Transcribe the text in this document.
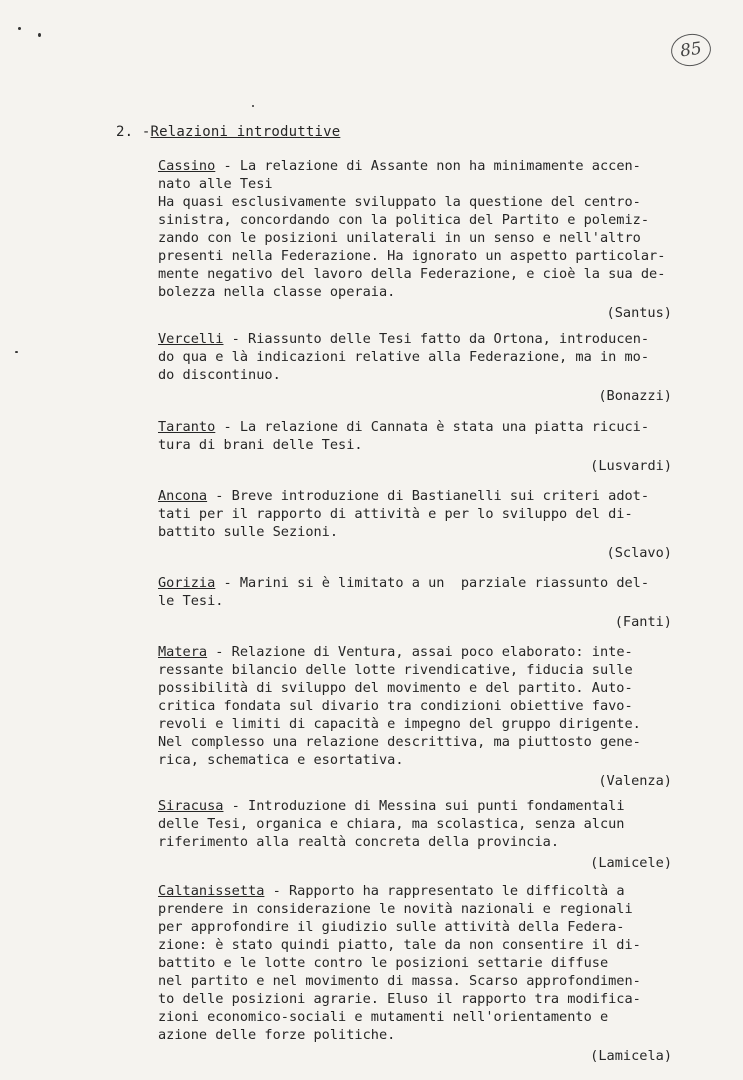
85
2. -Relazioni introduttive
Cassino - La relazione di Assante non ha minimamente accen-
nato alle Tesi
Ha quasi esclusivamente sviluppato la questione del centro-
sinistra, concordando con la politica del Partito e polemiz-
zando con le posizioni unilaterali in un senso e nell'altro
presenti nella Federazione. Ha ignorato un aspetto particolar-
mente negativo del lavoro della Federazione, e cioè la sua de-
bolezza nella classe operaia.
(Santus)
Vercelli - Riassunto delle Tesi fatto da Ortona, introducen-
do qua e là indicazioni relative alla Federazione, ma in mo-
do discontinuo.
(Bonazzi)
Taranto - La relazione di Cannata è stata una piatta ricuci-
tura di brani delle Tesi.
(Lusvardi)
Ancona - Breve introduzione di Bastianelli sui criteri adot-
tati per il rapporto di attività e per lo sviluppo del di-
battito sulle Sezioni.
(Sclavo)
Gorizia - Marini si è limitato a un  parziale riassunto del-
le Tesi.
(Fanti)
Matera - Relazione di Ventura, assai poco elaborato: inte-
ressante bilancio delle lotte rivendicative, fiducia sulle
possibilità di sviluppo del movimento e del partito. Auto-
critica fondata sul divario tra condizioni obiettive favo-
revoli e limiti di capacità e impegno del gruppo dirigente.
Nel complesso una relazione descrittiva, ma piuttosto gene-
rica, schematica e esortativa.
(Valenza)
Siracusa - Introduzione di Messina sui punti fondamentali
delle Tesi, organica e chiara, ma scolastica, senza alcun
riferimento alla realtà concreta della provincia.
(Lamicele)
Caltanissetta - Rapporto ha rappresentato le difficoltà a
prendere in considerazione le novità nazionali e regionali
per approfondire il giudizio sulle attività della Federa-
zione: è stato quindi piatto, tale da non consentire il di-
battito e le lotte contro le posizioni settarie diffuse
nel partito e nel movimento di massa. Scarso approfondimen-
to delle posizioni agrarie. Eluso il rapporto tra modifica-
zioni economico-sociali e mutamenti nell'orientamento e
azione delle forze politiche.
(Lamicela)
